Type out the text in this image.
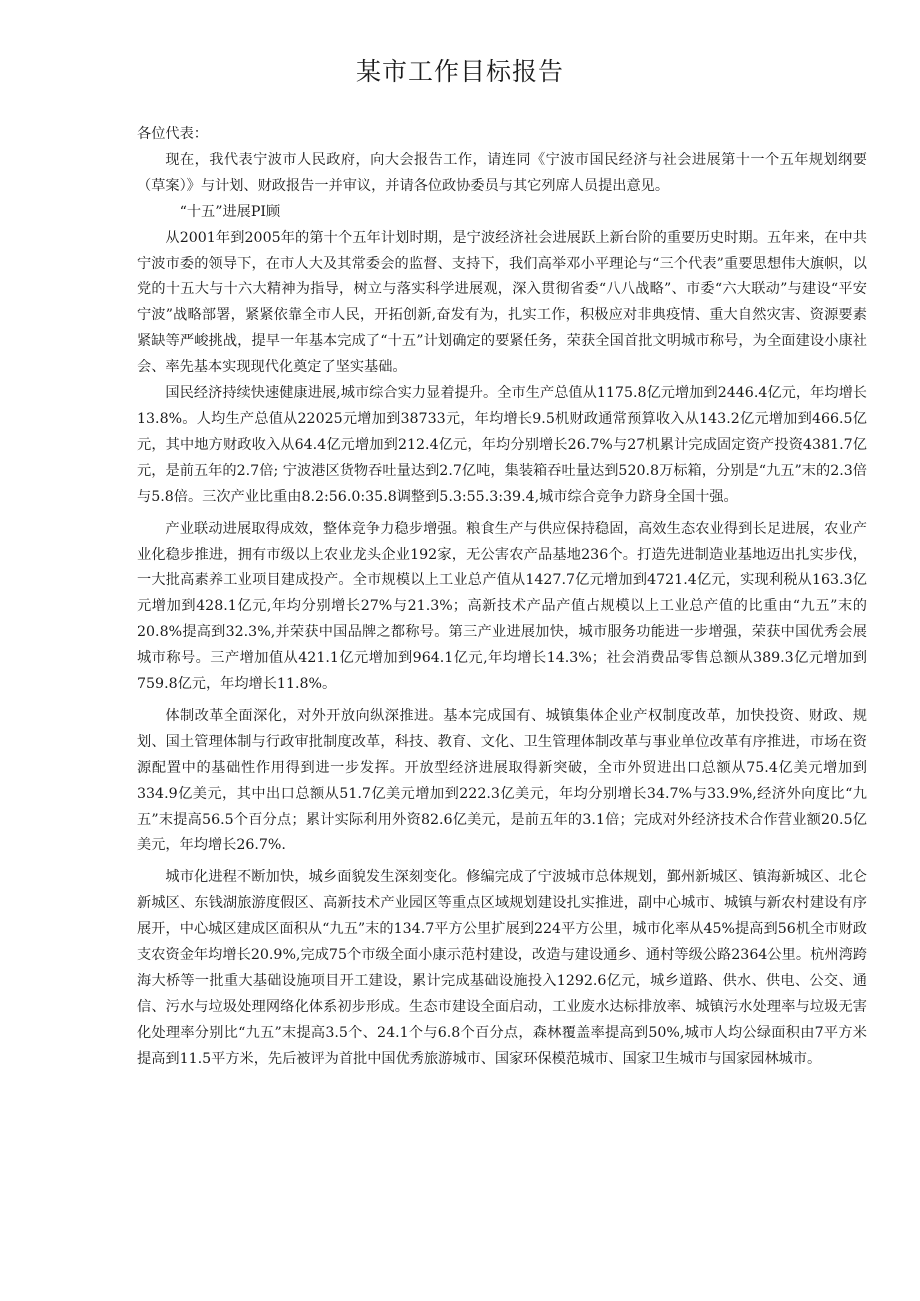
某市工作目标报告

各位代表：

现在，我代表宁波市人民政府，向大会报告工作，请连同《宁波市国民经济与社会进展第十一个五年规划纲要（草案）》与计划、财政报告一并审议，并请各位政协委员与其它列席人员提出意见。

“十五”进展PI顾

从2001年到2005年的第十个五年计划时期，是宁波经济社会进展跃上新台阶的重要历史时期。五年来，在中共宁波市委的领导下，在市人大及其常委会的监督、支持下，我们高举邓小平理论与“三个代表”重要思想伟大旗帜，以党的十五大与十六大精神为指导，树立与落实科学进展观，深入贯彻省委“八八战略”、市委“六大联动”与建设“平安宁波”战略部署，紧紧依靠全市人民，开拓创新,奋发有为，扎实工作，积极应对非典疫情、重大自然灾害、资源要素紧缺等严峻挑战，提早一年基本完成了“十五”计划确定的要紧任务，荣获全国首批文明城市称号，为全面建设小康社会、率先基本实现现代化奠定了坚实基础。

国民经济持续快速健康进展,城市综合实力显着提升。全市生产总值从1175.8亿元增加到2446.4亿元，年均增长13.8%。人均生产总值从22025元增加到38733元，年均增长9.5机财政通常预算收入从143.2亿元增加到466.5亿元，其中地方财政收入从64.4亿元增加到212.4亿元，年均分别增长26.7%与27机累计完成固定资产投资4381.7亿元，是前五年的2.7倍; 宁波港区货物吞吐量达到2.7亿吨，集装箱吞吐量达到520.8万标箱，分别是“九五”末的2.3倍与5.8倍。三次产业比重由8.2:56.0:35.8调整到5.3:55.3:39.4,城市综合竞争力跻身全国十强。

产业联动进展取得成效，整体竞争力稳步增强。粮食生产与供应保持稳固，高效生态农业得到长足进展，农业产业化稳步推进，拥有市级以上农业龙头企业192家，无公害农产品基地236个。打造先进制造业基地迈出扎实步伐，一大批高素养工业项目建成投产。全市规模以上工业总产值从1427.7亿元增加到4721.4亿元，实现利税从163.3亿元增加到428.1亿元,年均分别增长27%与21.3%；高新技术产品产值占规模以上工业总产值的比重由“九五”末的20.8%提高到32.3%,并荣获中国品牌之都称号。第三产业进展加快，城市服务功能进一步增强，荣获中国优秀会展城市称号。三产增加值从421.1亿元增加到964.1亿元,年均增长14.3%；社会消费品零售总额从389.3亿元增加到759.8亿元，年均增长11.8%。

体制改革全面深化，对外开放向纵深推进。基本完成国有、城镇集体企业产权制度改革，加快投资、财政、规划、国土管理体制与行政审批制度改革，科技、教育、文化、卫生管理体制改革与事业单位改革有序推进，市场在资源配置中的基础性作用得到进一步发挥。开放型经济进展取得新突破，全市外贸进出口总额从75.4亿美元增加到334.9亿美元，其中出口总额从51.7亿美元增加到222.3亿美元，年均分别增长34.7%与33.9%,经济外向度比“九五”末提高56.5个百分点；累计实际利用外资82.6亿美元，是前五年的3.1倍；完成对外经济技术合作营业额20.5亿美元，年均增长26.7%.

城市化进程不断加快，城乡面貌发生深刻变化。修编完成了宁波城市总体规划，鄞州新城区、镇海新城区、北仑新城区、东钱湖旅游度假区、高新技术产业园区等重点区域规划建设扎实推进，副中心城市、城镇与新农村建设有序展开，中心城区建成区面积从“九五”末的134.7平方公里扩展到224平方公里，城市化率从45%提高到56机全市财政支农资金年均增长20.9%,完成75个市级全面小康示范村建设，改造与建设通乡、通村等级公路2364公里。杭州湾跨海大桥等一批重大基础设施项目开工建设，累计完成基础设施投入1292.6亿元，城乡道路、供水、供电、公交、通信、污水与垃圾处理网络化体系初步形成。生态市建设全面启动，工业废水达标排放率、城镇污水处理率与垃圾无害化处理率分别比“九五”末提高3.5个、24.1个与6.8个百分点，森林覆盖率提高到50%,城市人均公绿面积由7平方米提高到11.5平方米，先后被评为首批中国优秀旅游城市、国家环保模范城市、国家卫生城市与国家园林城市。
